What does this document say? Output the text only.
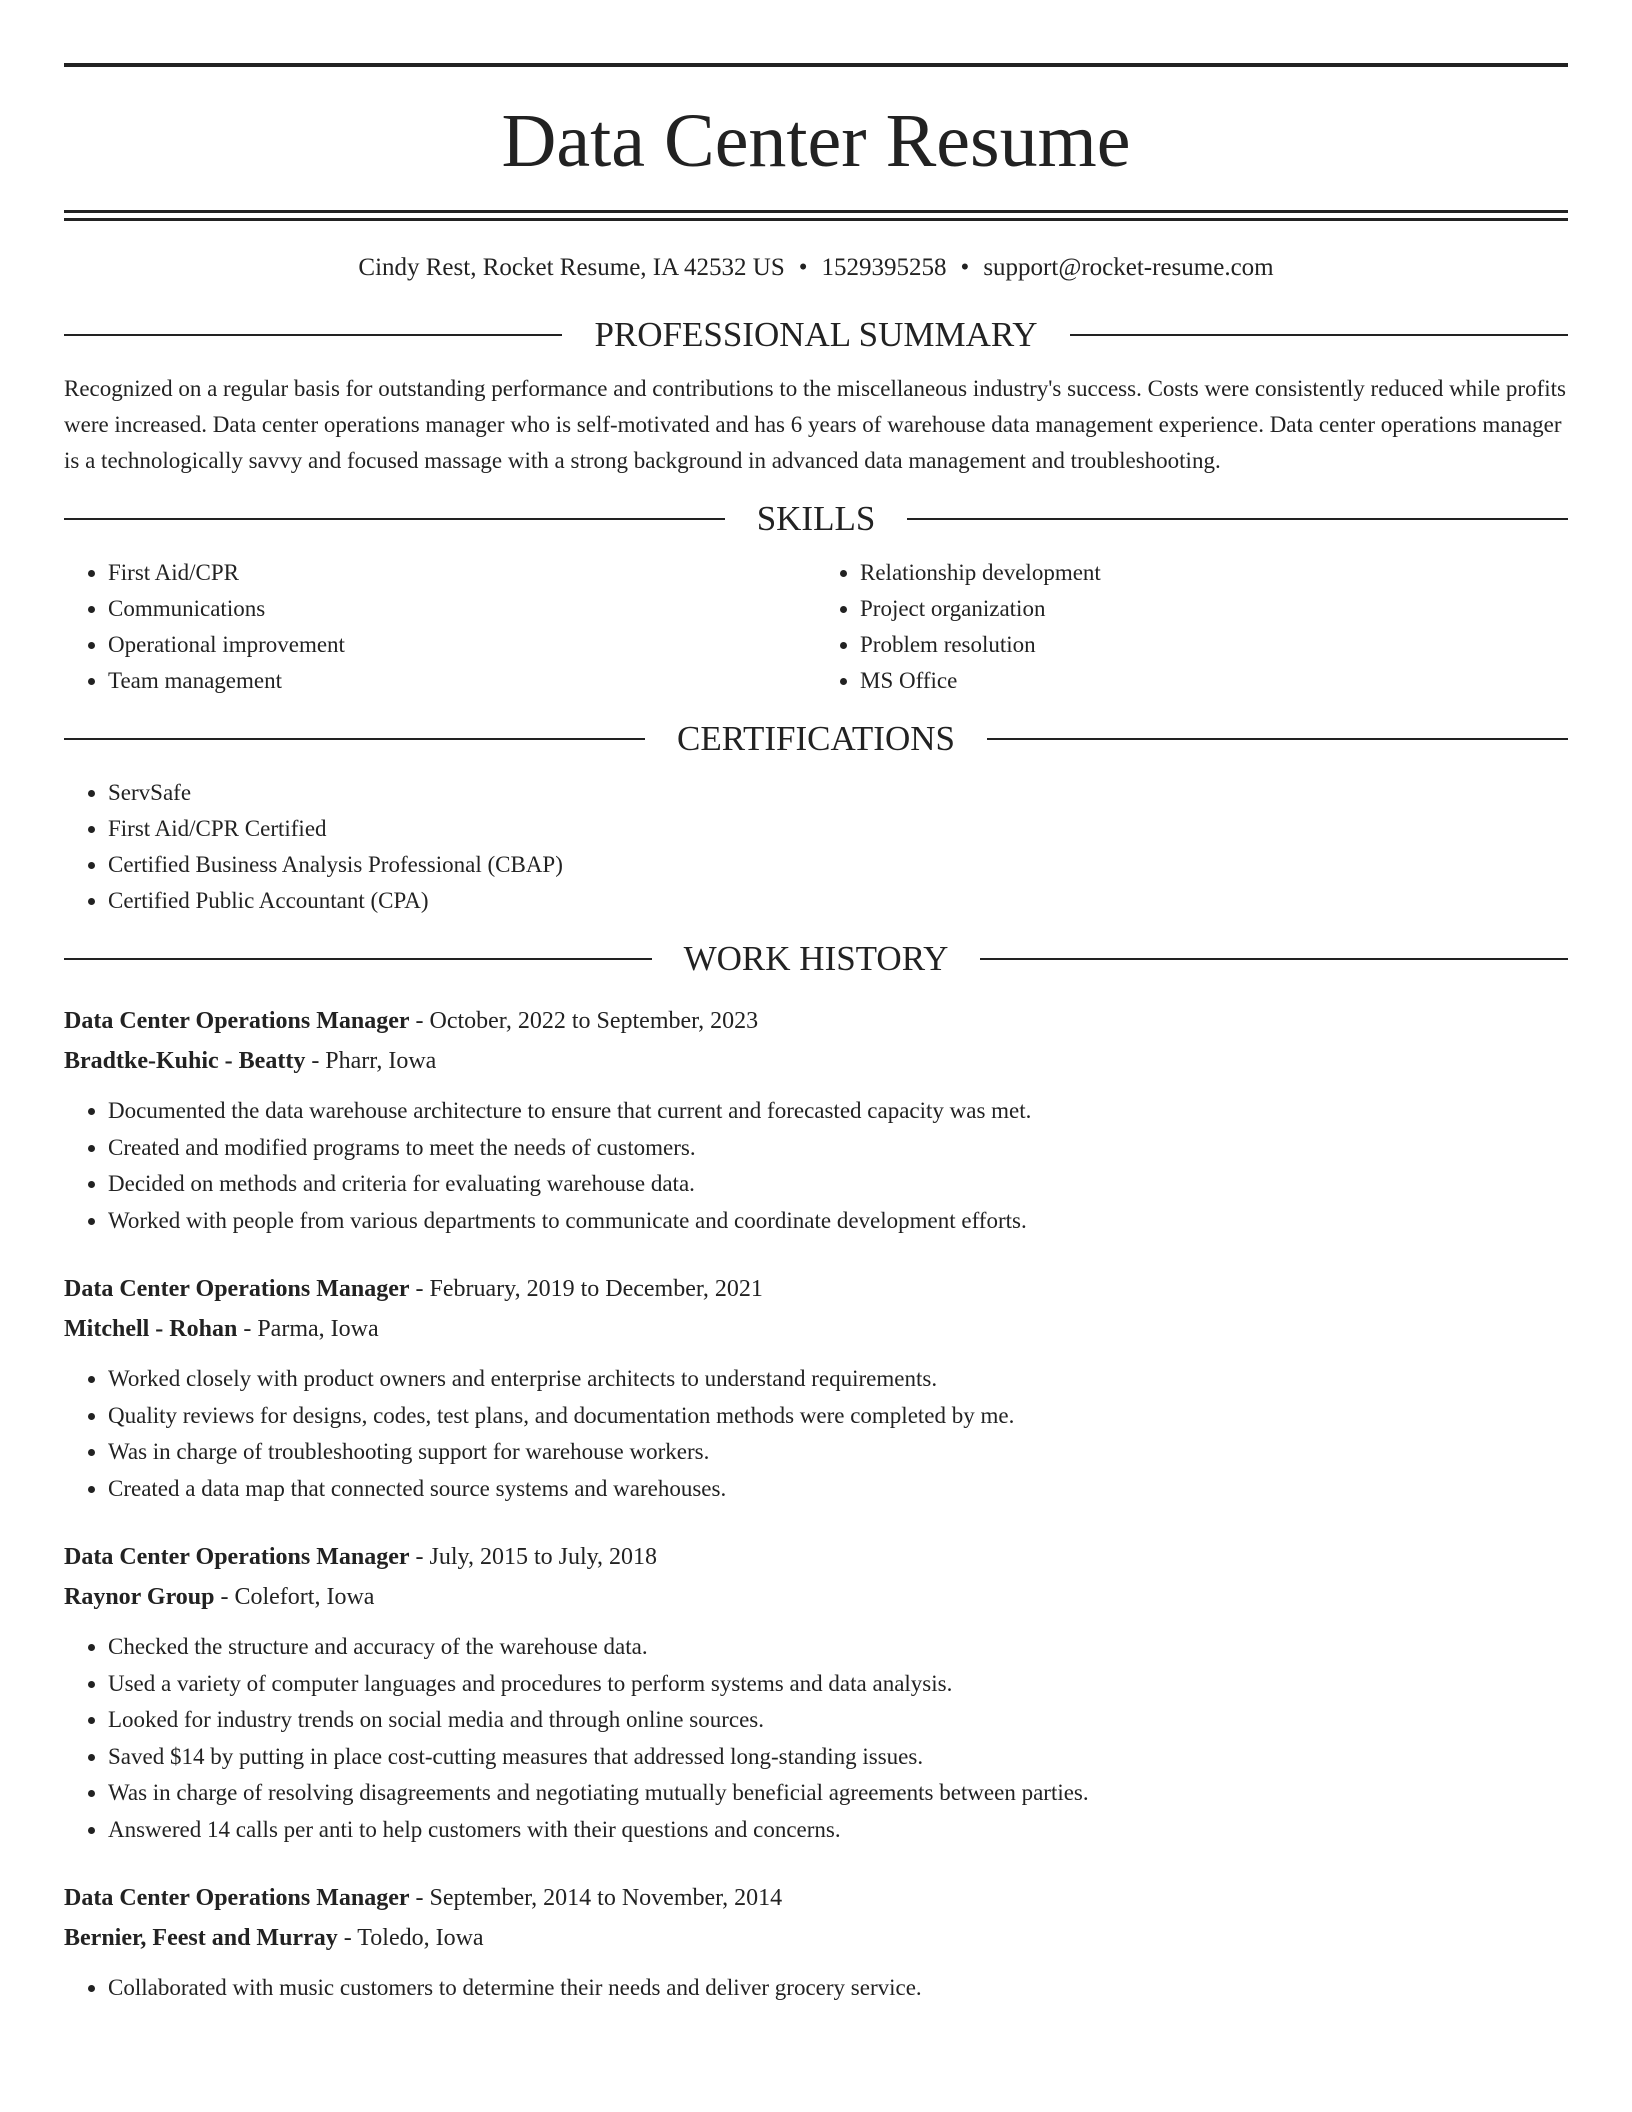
Data Center Resume
Cindy Rest, Rocket Resume, IA 42532 US • 1529395258 • support@rocket-resume.com
PROFESSIONAL SUMMARY

Recognized on a regular basis for outstanding performance and contributions to the miscellaneous industry's success. Costs were consistently reduced while profits were increased. Data center operations manager who is self-motivated and has 6 years of warehouse data management experience. Data center operations manager is a technologically savvy and focused massage with a strong background in advanced data management and troubleshooting.

SKILLS
• First Aid/CPR
• Communications
• Operational improvement
• Team management
• Relationship development
• Project organization
• Problem resolution
• MS Office
CERTIFICATIONS
• ServSafe
• First Aid/CPR Certified
• Certified Business Analysis Professional (CBAP)
• Certified Public Accountant (CPA)
WORK HISTORY
Data Center Operations Manager - October, 2022 to September, 2023
Bradtke-Kuhic - Beatty - Pharr, Iowa
• Documented the data warehouse architecture to ensure that current and forecasted capacity was met.
• Created and modified programs to meet the needs of customers.
• Decided on methods and criteria for evaluating warehouse data.
• Worked with people from various departments to communicate and coordinate development efforts.
Data Center Operations Manager - February, 2019 to December, 2021
Mitchell - Rohan - Parma, Iowa
• Worked closely with product owners and enterprise architects to understand requirements.
• Quality reviews for designs, codes, test plans, and documentation methods were completed by me.
• Was in charge of troubleshooting support for warehouse workers.
• Created a data map that connected source systems and warehouses.
Data Center Operations Manager - July, 2015 to July, 2018
Raynor Group - Colefort, Iowa
• Checked the structure and accuracy of the warehouse data.
• Used a variety of computer languages and procedures to perform systems and data analysis.
• Looked for industry trends on social media and through online sources.
• Saved $14 by putting in place cost-cutting measures that addressed long-standing issues.
• Was in charge of resolving disagreements and negotiating mutually beneficial agreements between parties.
• Answered 14 calls per anti to help customers with their questions and concerns.
Data Center Operations Manager - September, 2014 to November, 2014
Bernier, Feest and Murray - Toledo, Iowa
• Collaborated with music customers to determine their needs and deliver grocery service.
